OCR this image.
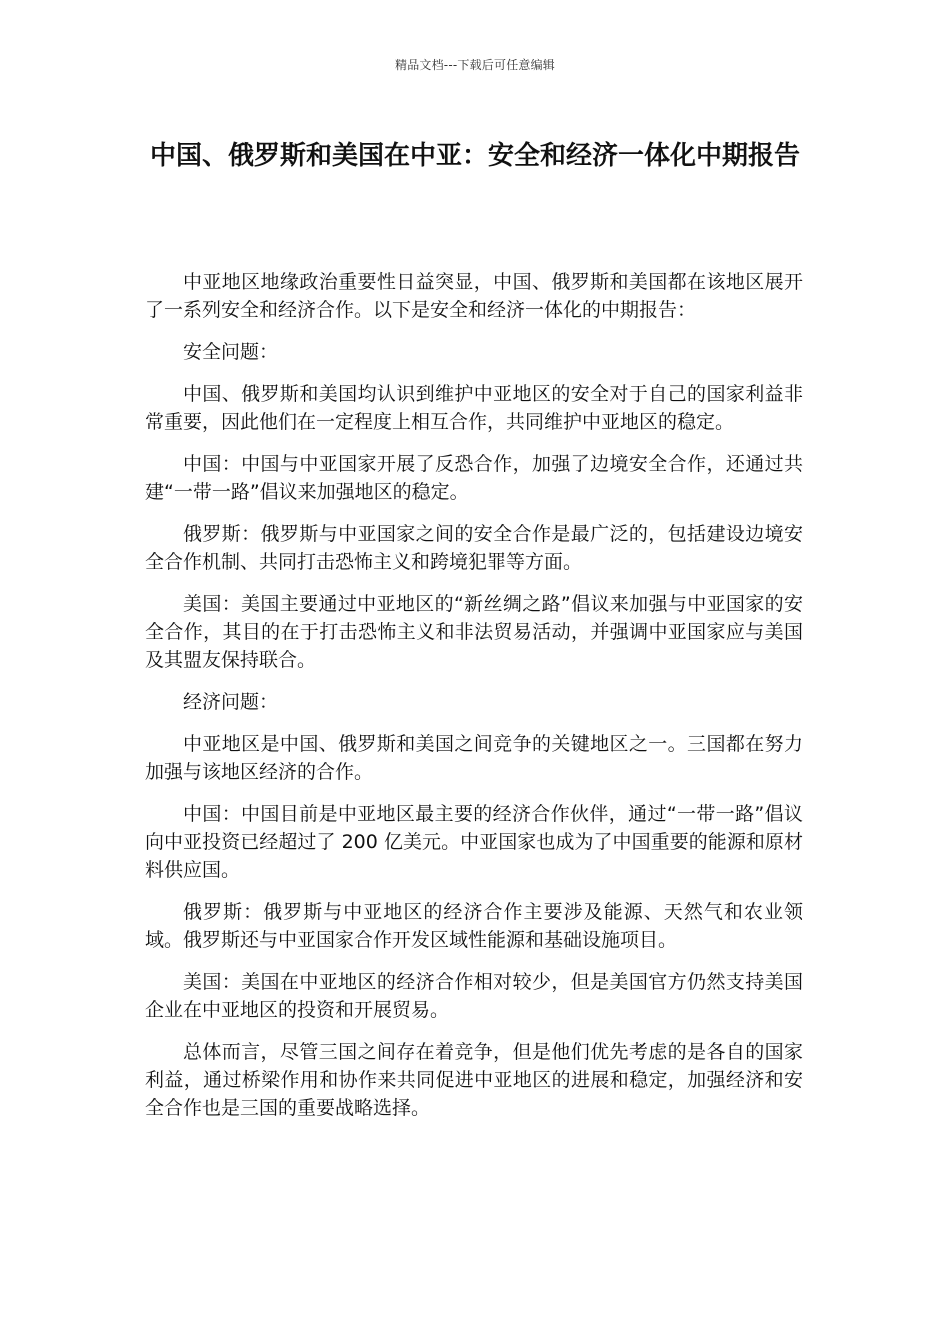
精品文档---下载后可任意编辑
中国、俄罗斯和美国在中亚：安全和经济一体化中期报告

中亚地区地缘政治重要性日益突显，中国、俄罗斯和美国都在该地区展开了一系列安全和经济合作。以下是安全和经济一体化的中期报告：

安全问题：

中国、俄罗斯和美国均认识到维护中亚地区的安全对于自己的国家利益非常重要，因此他们在一定程度上相互合作，共同维护中亚地区的稳定。

中国：中国与中亚国家开展了反恐合作，加强了边境安全合作，还通过共建“一带一路”倡议来加强地区的稳定。

俄罗斯：俄罗斯与中亚国家之间的安全合作是最广泛的，包括建设边境安全合作机制、共同打击恐怖主义和跨境犯罪等方面。

美国：美国主要通过中亚地区的“新丝绸之路”倡议来加强与中亚国家的安全合作，其目的在于打击恐怖主义和非法贸易活动，并强调中亚国家应与美国及其盟友保持联合。

经济问题：

中亚地区是中国、俄罗斯和美国之间竞争的关键地区之一。三国都在努力加强与该地区经济的合作。

中国：中国目前是中亚地区最主要的经济合作伙伴，通过“一带一路”倡议向中亚投资已经超过了 200 亿美元。中亚国家也成为了中国重要的能源和原材料供应国。

俄罗斯：俄罗斯与中亚地区的经济合作主要涉及能源、天然气和农业领域。俄罗斯还与中亚国家合作开发区域性能源和基础设施项目。

美国：美国在中亚地区的经济合作相对较少，但是美国官方仍然支持美国企业在中亚地区的投资和开展贸易。

总体而言，尽管三国之间存在着竞争，但是他们优先考虑的是各自的国家利益，通过桥梁作用和协作来共同促进中亚地区的进展和稳定，加强经济和安全合作也是三国的重要战略选择。
